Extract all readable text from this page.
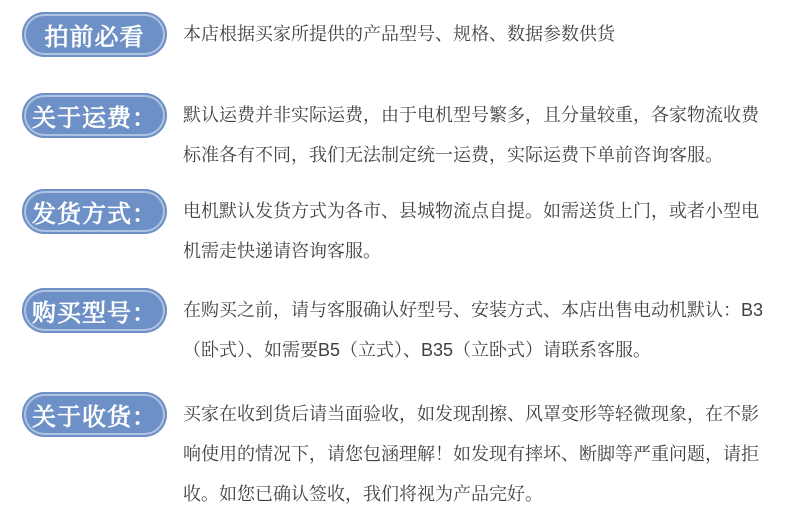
拍前必看 本店根据买家所提供的产品型号、规格、数据参数供货

关于运费： 默认运费并非实际运费，由于电机型号繁多，且分量较重，各家物流收费标准各有不同，我们无法制定统一运费，实际运费下单前咨询客服。

发货方式： 电机默认发货方式为各市、县城物流点自提。如需送货上门，或者小型电机需走快递请咨询客服。

购买型号： 在购买之前，请与客服确认好型号、安装方式、本店出售电动机默认：B3（卧式）、如需要B5（立式）、B35（立卧式）请联系客服。

关于收货： 买家在收到货后请当面验收，如发现刮擦、风罩变形等轻微现象，在不影响使用的情况下，请您包涵理解！如发现有摔坏、断脚等严重问题，请拒收。如您已确认签收，我们将视为产品完好。
